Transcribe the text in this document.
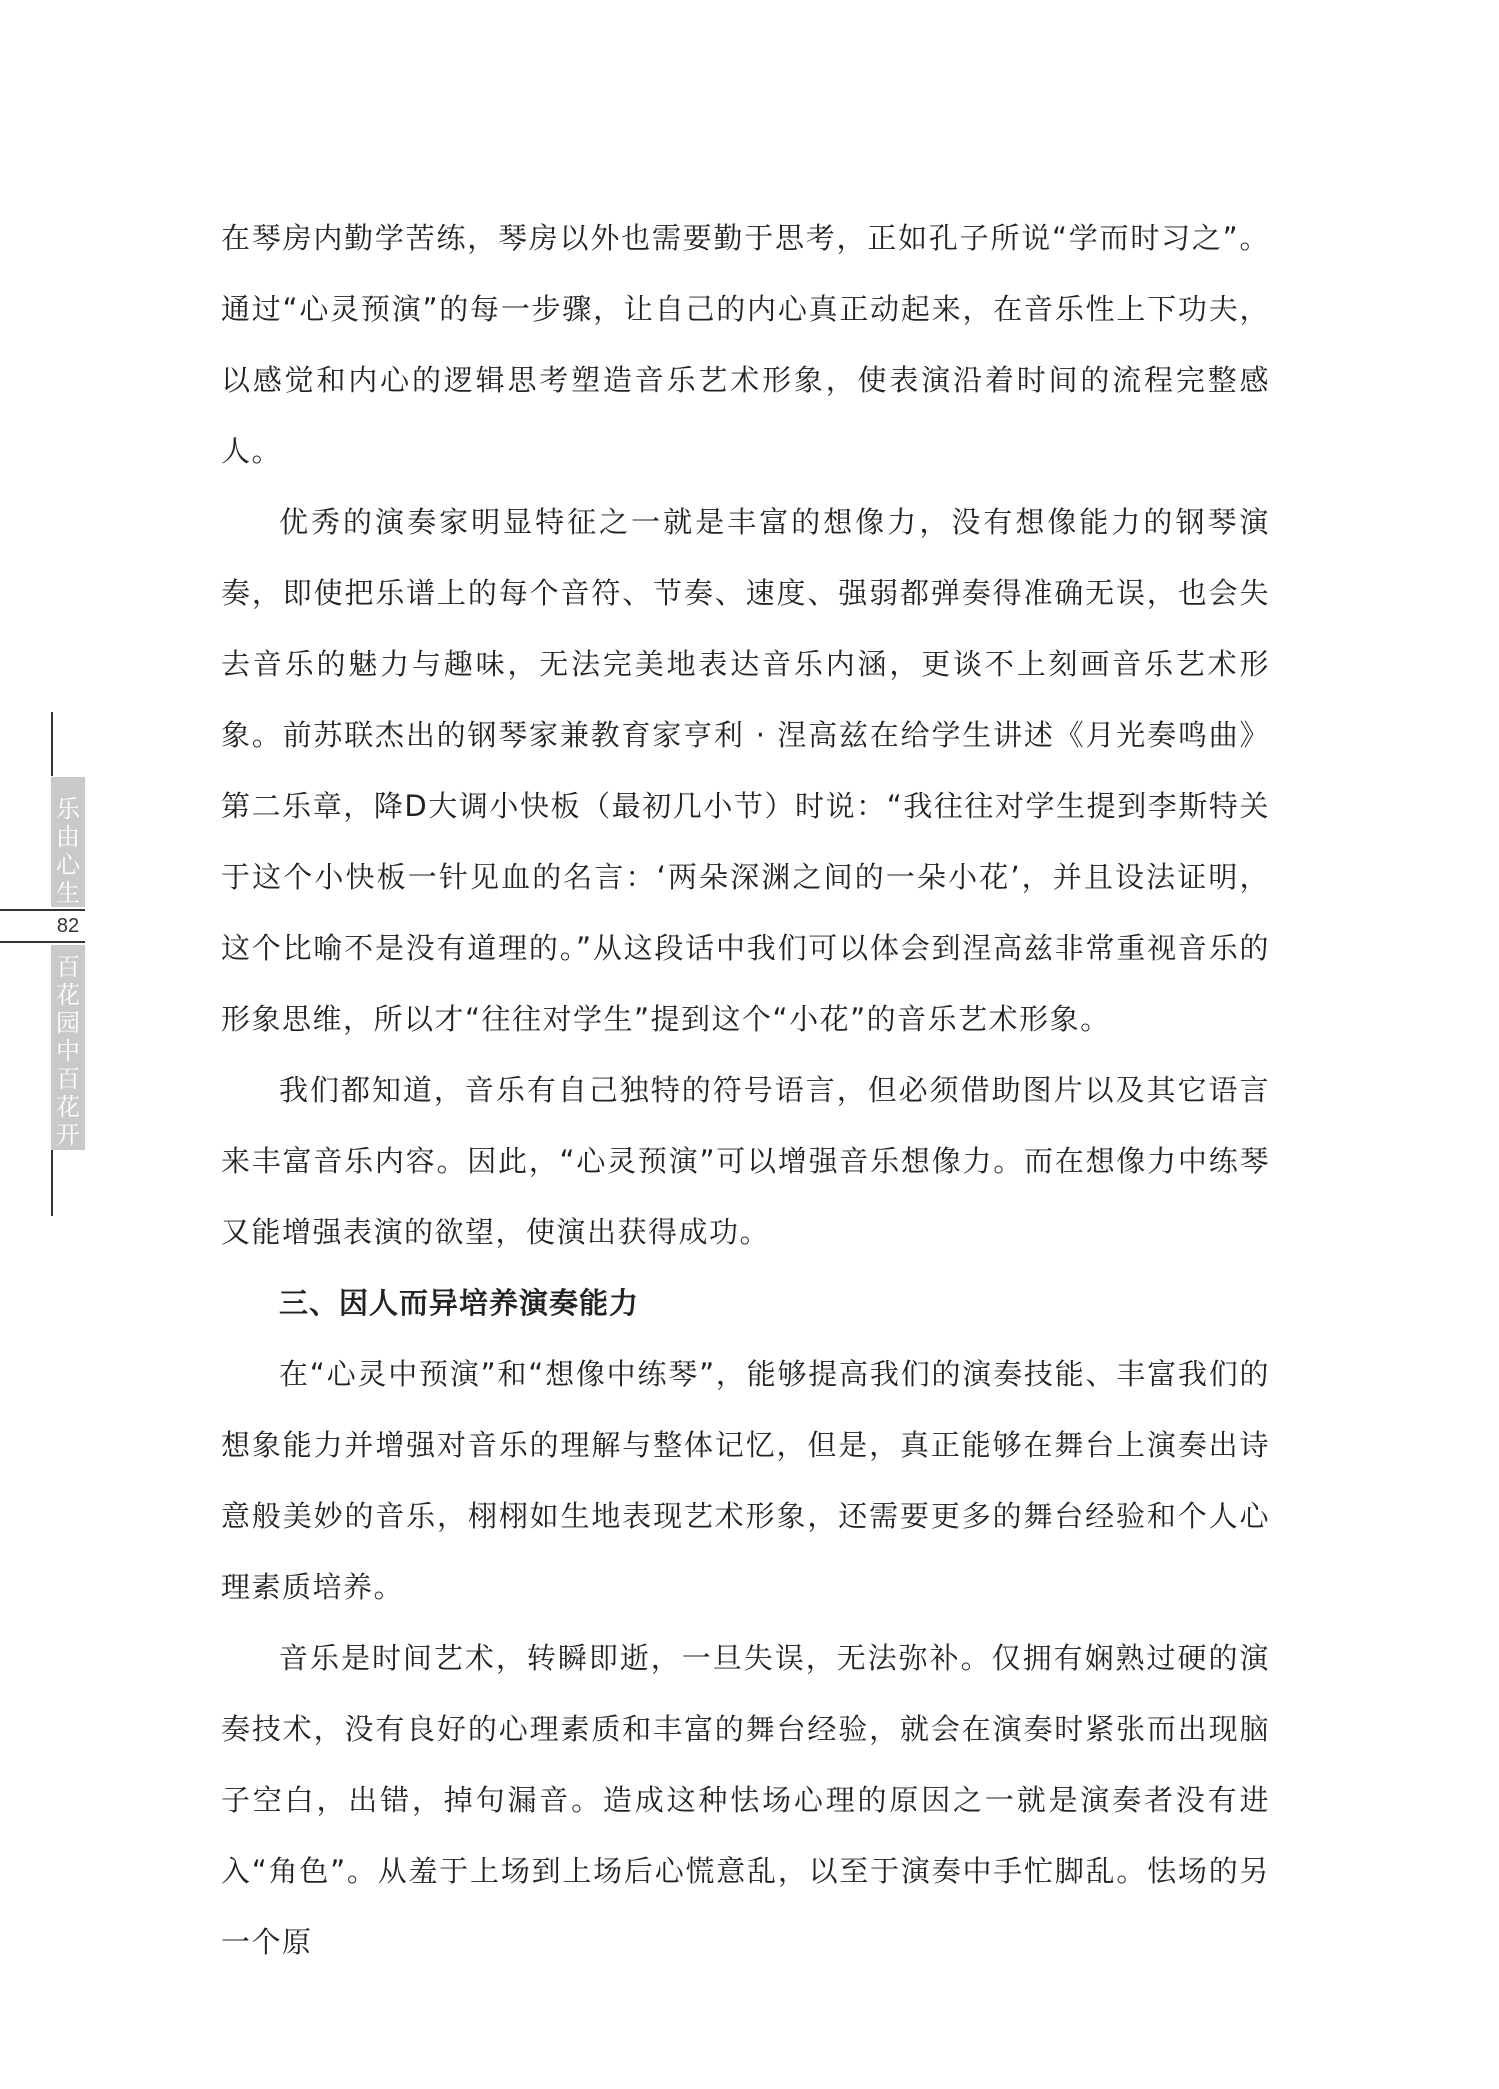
乐
由
心
生
82
百
花
园
中
百
花
开

在琴房内勤学苦练，琴房以外也需要勤于思考，正如孔子所说“学而时习之”。通过“心灵预演”的每一步骤，让自己的内心真正动起来，在音乐性上下功夫，以感觉和内心的逻辑思考塑造音乐艺术形象，使表演沿着时间的流程完整感人。

优秀的演奏家明显特征之一就是丰富的想像力，没有想像能力的钢琴演奏，即使把乐谱上的每个音符、节奏、速度、强弱都弹奏得准确无误，也会失去音乐的魅力与趣味，无法完美地表达音乐内涵，更谈不上刻画音乐艺术形象。前苏联杰出的钢琴家兼教育家亨利 · 涅高兹在给学生讲述《月光奏鸣曲》第二乐章，降D大调小快板（最初几小节）时说：“我往往对学生提到李斯特关于这个小快板一针见血的名言：‘两朵深渊之间的一朵小花’，并且设法证明，这个比喻不是没有道理的。”从这段话中我们可以体会到涅高兹非常重视音乐的形象思维，所以才“往往对学生”提到这个“小花”的音乐艺术形象。

我们都知道，音乐有自己独特的符号语言，但必须借助图片以及其它语言来丰富音乐内容。因此，“心灵预演”可以增强音乐想像力。而在想像力中练琴又能增强表演的欲望，使演出获得成功。

三、因人而异培养演奏能力

在“心灵中预演”和“想像中练琴”，能够提高我们的演奏技能、丰富我们的想象能力并增强对音乐的理解与整体记忆，但是，真正能够在舞台上演奏出诗意般美妙的音乐，栩栩如生地表现艺术形象，还需要更多的舞台经验和个人心理素质培养。

音乐是时间艺术，转瞬即逝，一旦失误，无法弥补。仅拥有娴熟过硬的演奏技术，没有良好的心理素质和丰富的舞台经验，就会在演奏时紧张而出现脑子空白，出错，掉句漏音。造成这种怯场心理的原因之一就是演奏者没有进入“角色”。从羞于上场到上场后心慌意乱，以至于演奏中手忙脚乱。怯场的另一个原
